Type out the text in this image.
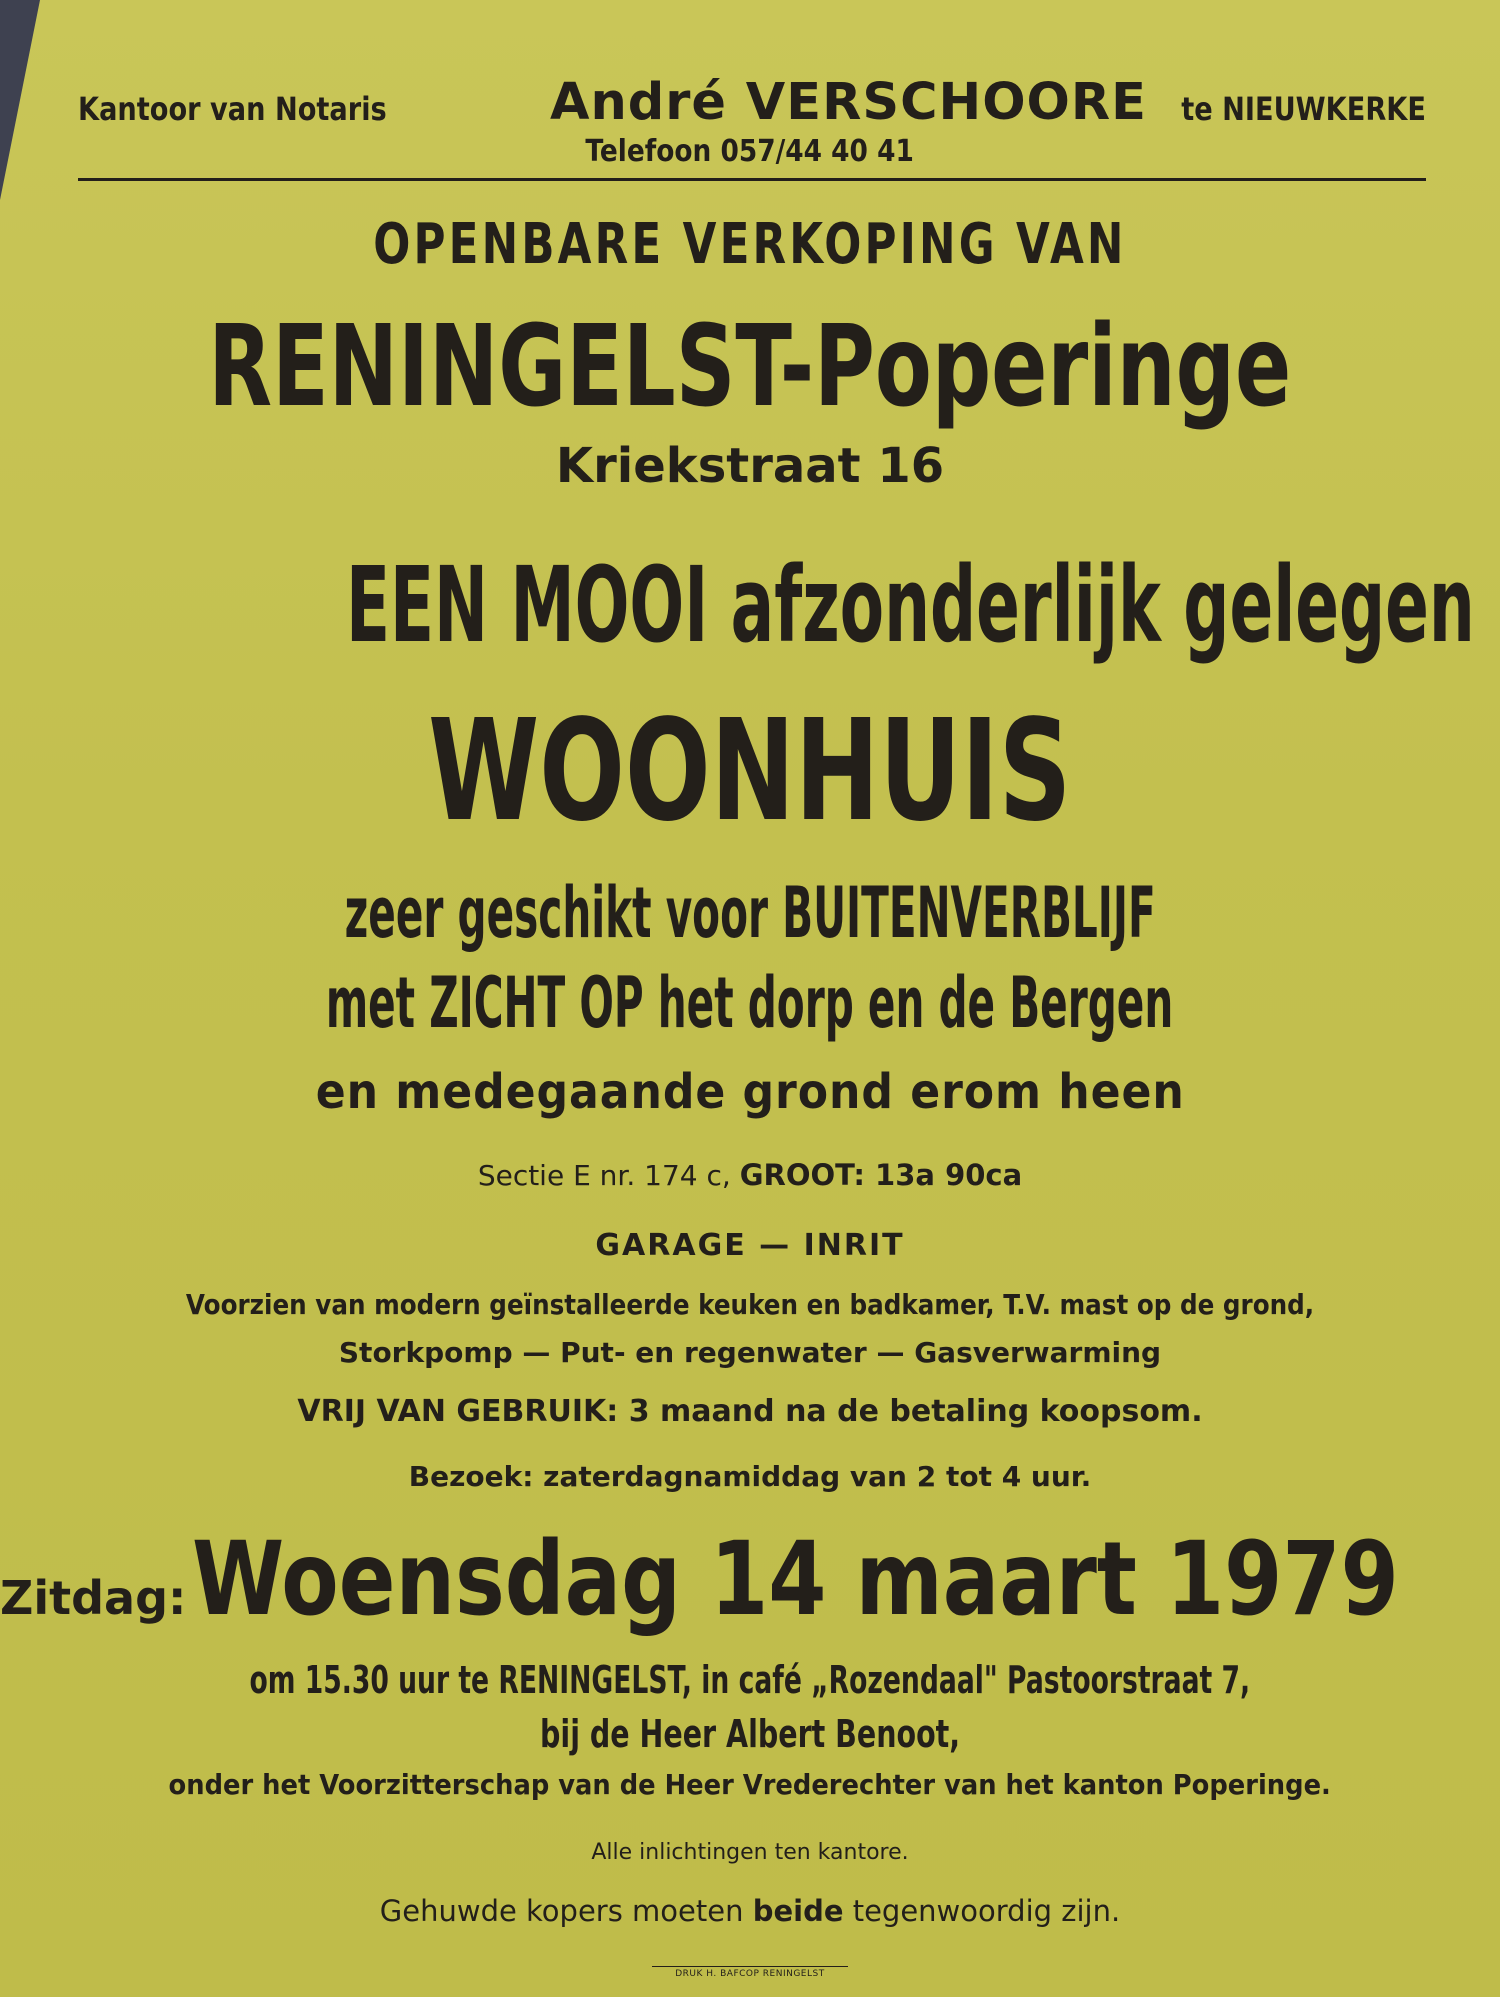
Kantoor van Notaris	André VERSCHOORE te NIEUWKERKE
Telefoon 057/44 40 41
OPENBARE VERKOPING VAN
RENINGELST-Poperinge
Kriekstraat 16
EEN MOOI afzonderlijk gelegen
WOONHUIS
zeer geschikt voor BUITENVERBLIJF
met ZICHT OP het dorp en de Bergen
en medegaande grond erom heen
Sectie E nr. 174 c, GROOT: 13a 90ca
GARAGE — INRIT
Voorzien van modern geïnstalleerde keuken en badkamer, T.V. mast op de grond,
Storkpomp — Put- en regenwater — Gasverwarming
VRIJ VAN GEBRUIK: 3 maand na de betaling koopsom.
Bezoek: zaterdagnamiddag van 2 tot 4 uur.
Zitdag: Woensdag 14 maart 1979
om 15.30 uur te RENINGELST, in café „Rozendaal" Pastoorstraat 7,
bij de Heer Albert Benoot,
onder het Voorzitterschap van de Heer Vrederechter van het kanton Poperinge.
Alle inlichtingen ten kantore.
Gehuwde kopers moeten beide tegenwoordig zijn.
DRUK H. BAFCOP RENINGELST
